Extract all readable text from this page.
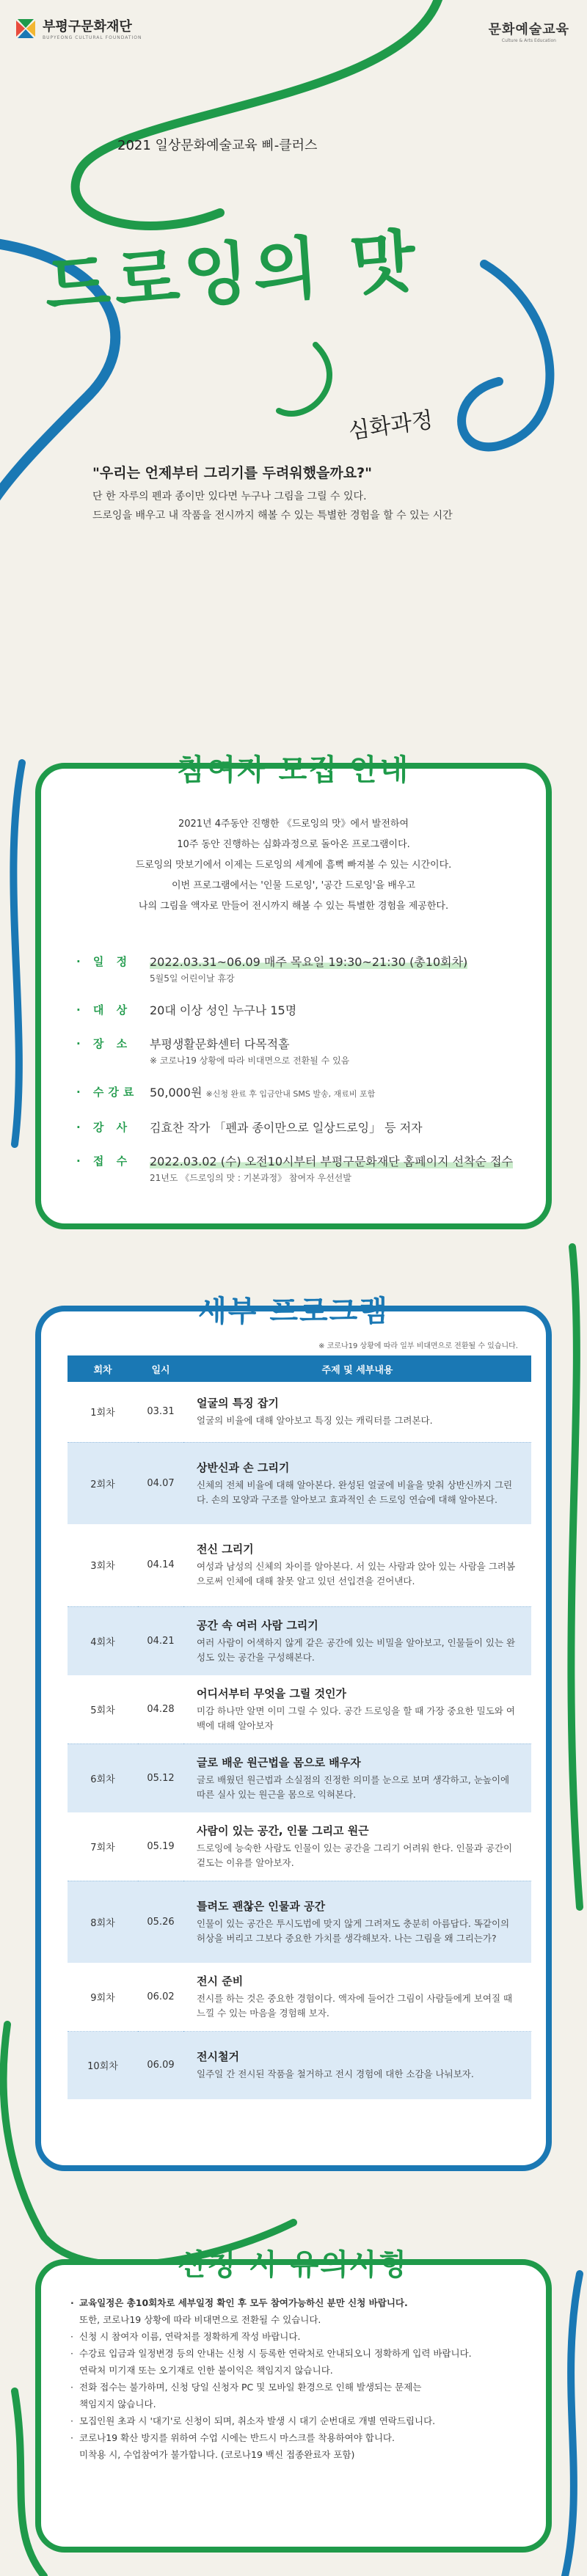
부평구문화재단
BUPYEONG CULTURAL FOUNDATION
문화예술교육
Culture & Arts Education
2021 일상문화예술교육 삐-클러스
드로잉의 맛
심화과정
"우리는 언제부터 그리기를 두려워했을까요?"
단 한 자루의 펜과 종이만 있다면 누구나 그림을 그릴 수 있다.
드로잉을 배우고 내 작품을 전시까지 해볼 수 있는 특별한 경험을 할 수 있는 시간
참여자 모집 안내
2021년 4주동안 진행한 《드로잉의 맛》에서 발전하여
10주 동안 진행하는 심화과정으로 돌아온 프로그램이다.
드로잉의 맛보기에서 이제는 드로잉의 세계에 흠뻑 빠져볼 수 있는 시간이다.
이번 프로그램에서는 '인물 드로잉', '공간 드로잉'을 배우고
나의 그림을 액자로 만들어 전시까지 해볼 수 있는 특별한 경험을 제공한다.
· 일 정	2022.03.31~06.09 매주 목요일 19:30~21:30 (총10회차)
5월5일 어린이날 휴강
· 대 상	20대 이상 성인 누구나 15명
· 장 소	부평생활문화센터 다목적홀
※ 코로나19 상황에 따라 비대면으로 전환될 수 있음
· 수강료 50,000원 ※신청 완료 후 입금안내 SMS 발송, 재료비 포함
· 강 사	김효찬 작가 「펜과 종이만으로 일상드로잉」 등 저자
· 접 수	2022.03.02 (수) 오전10시부터 부평구문화재단 홈페이지 선착순 접수
21년도 《드로잉의 맛 : 기본과정》 참여자 우선선발
세부 프로그램
※ 코로나19 상황에 따라 일부 비대면으로 전환될 수 있습니다.
회차	일시	주제 및 세부내용
1회차	03.31	얼굴의 특징 잡기
얼굴의 비율에 대해 알아보고 특징 있는 캐릭터를 그려본다.

2회차	04.07	상반신과 손 그리기
신체의 전체 비율에 대해 알아본다. 완성된 얼굴에 비율을 맞춰 상반신까지 그린다. 손의 모양과 구조를 알아보고 효과적인 손 드로잉 연습에 대해 알아본다.

3회차	04.14	전신 그리기
여성과 남성의 신체의 차이를 알아본다. 서 있는 사람과 앉아 있는 사람을 그려봄으로써 인체에 대해 찰못 알고 있던 선입견을 걷어낸다.

4회차	04.21	공간 속 여러 사람 그리기
여러 사람이 어색하지 않게 같은 공간에 있는 비밀을 알아보고, 인물들이 있는 완성도 있는 공간을 구성해본다.

5회차	04.28	어디서부터 무엇을 그릴 것인가
미감 하나만 알면 이미 그릴 수 있다. 공간 드로잉을 할 때 가장 중요한 밀도와 여백에 대해 알아보자

6회차	05.12	글로 배운 원근법을 몸으로 배우자
글로 배웠던 원근법과 소실점의 진정한 의미를 눈으로 보며 생각하고, 눈높이에 따른 실사 있는 원근을 몸으로 익혀본다.

7회차	05.19	사람이 있는 공간, 인물 그리고 원근
드로잉에 능숙한 사람도 인물이 있는 공간을 그리기 어려워 한다. 인물과 공간이 겉도는 이유를 알아보자.

8회차	05.26	틀려도 괜찮은 인물과 공간
인물이 있는 공간은 투시도법에 맞지 않게 그려져도 충분히 아름답다. 똑같이의 허상을 버리고 그보다 중요한 가치를 생각해보자. 나는 그림을 왜 그리는가?

9회차	06.02	전시 준비
전시를 하는 것은 중요한 경험이다. 액자에 들어간 그림이 사람들에게 보여질 때 느낄 수 있는 마음을 경험해 보자.

10회차	06.09	전시철거
일주일 간 전시된 작품을 철거하고 전시 경험에 대한 소감을 나눠보자.
신청 시 유의사항
· 교육일정은 총10회차로 세부일정 확인 후 모두 참여가능하신 분만 신청 바랍니다.
또한, 코로나19 상황에 따라 비대면으로 전환될 수 있습니다.
· 신청 시 참여자 이름, 연락처를 정확하게 작성 바랍니다.
· 수강료 입금과 일정변경 등의 안내는 신청 시 등록한 연락처로 안내되오니 정확하게 입력 바랍니다.
연락처 미기재 또는 오기재로 인한 불이익은 책임지지 않습니다.
· 전화 접수는 불가하며, 신청 당일 신청자 PC 및 모바일 환경으로 인해 발생되는 문제는
책임지지 않습니다.
· 모집인원 초과 시 '대기'로 신청이 되며, 취소자 발생 시 대기 순번대로 개별 연락드립니다.
· 코로나19 확산 방지를 위하여 수업 시에는 반드시 마스크를 착용하여야 합니다.
미착용 시, 수업참여가 불가합니다. (코로나19 백신 접종완료자 포함)
